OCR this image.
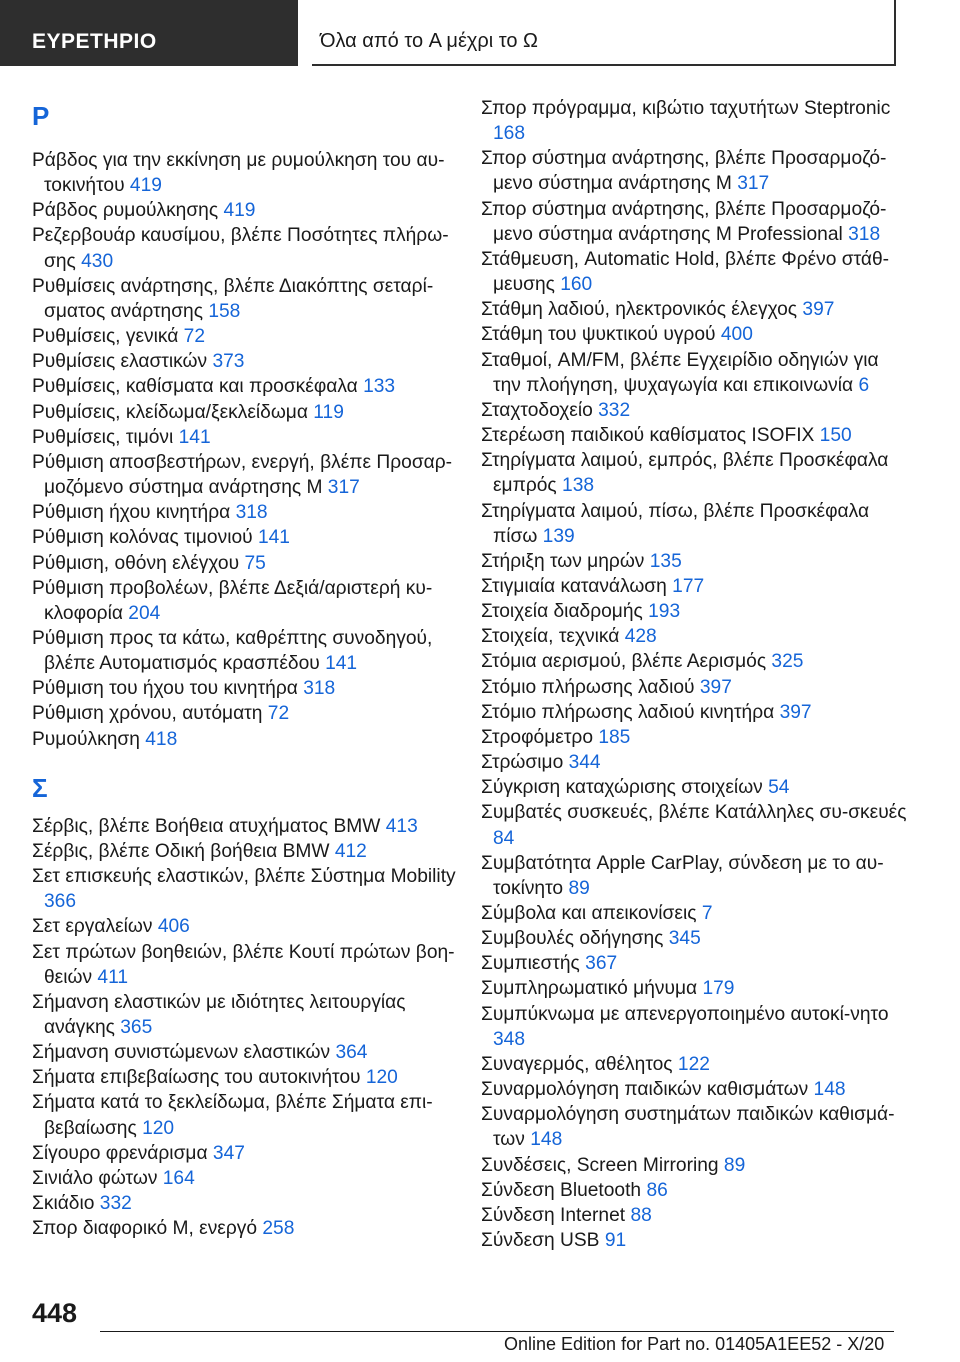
ΕΥΡΕΤΗΡΙΟ	Όλα από το A μέχρι το Ω
Ρ
Ράβδος για την εκκίνηση με ρυμούλκηση του αυ‐τοκινήτου 419
Ράβδος ρυμούλκησης 419
Ρεζερβουάρ καυσίμου, βλέπε Ποσότητες πλήρω‐σης 430
Ρυθμίσεις ανάρτησης, βλέπε Διακόπτης σεταρί‐σματος ανάρτησης 158
Ρυθμίσεις, γενικά 72
Ρυθμίσεις ελαστικών 373
Ρυθμίσεις, καθίσματα και προσκέφαλα 133
Ρυθμίσεις, κλείδωμα/ξεκλείδωμα 119
Ρυθμίσεις, τιμόνι 141
Ρύθμιση αποσβεστήρων, ενεργή, βλέπε Προσαρ‐μοζόμενο σύστημα ανάρτησης M 317
Ρύθμιση ήχου κινητήρα 318
Ρύθμιση κολόνας τιμονιού 141
Ρύθμιση, οθόνη ελέγχου 75
Ρύθμιση προβολέων, βλέπε Δεξιά/αριστερή κυ‐κλοφορία 204
Ρύθμιση προς τα κάτω, καθρέπτης συνοδηγού, βλέπε Αυτοματισμός κρασπέδου 141
Ρύθμιση του ήχου του κινητήρα 318
Ρύθμιση χρόνου, αυτόματη 72
Ρυμούλκηση 418
Σ
Σέρβις, βλέπε Βοήθεια ατυχήματος BMW 413
Σέρβις, βλέπε Οδική βοήθεια BMW 412
Σετ επισκευής ελαστικών, βλέπε Σύστημα Mobility 366
Σετ εργαλείων 406
Σετ πρώτων βοηθειών, βλέπε Κουτί πρώτων βοη‐θειών 411
Σήμανση ελαστικών με ιδιότητες λειτουργίας ανάγκης 365
Σήμανση συνιστώμενων ελαστικών 364
Σήματα επιβεβαίωσης του αυτοκινήτου 120
Σήματα κατά το ξεκλείδωμα, βλέπε Σήματα επι‐βεβαίωσης 120
Σίγουρο φρενάρισμα 347
Σινιάλο φώτων 164
Σκιάδιο 332
Σπορ διαφορικό M, ενεργό 258
Σπορ πρόγραμμα, κιβώτιο ταχυτήτων Steptronic 168
Σπορ σύστημα ανάρτησης, βλέπε Προσαρμοζό‐μενο σύστημα ανάρτησης M 317
Σπορ σύστημα ανάρτησης, βλέπε Προσαρμοζό‐μενο σύστημα ανάρτησης M Professional 318
Στάθμευση, Automatic Hold, βλέπε Φρένο στάθ‐μευσης 160
Στάθμη λαδιού, ηλεκτρονικός έλεγχος 397
Στάθμη του ψυκτικού υγρού 400
Σταθμοί, AM/FM, βλέπε Εγχειρίδιο οδηγιών για την πλοήγηση, ψυχαγωγία και επικοινωνία 6
Σταχτοδοχείο 332
Στερέωση παιδικού καθίσματος ISOFIX 150
Στηρίγματα λαιμού, εμπρός, βλέπε Προσκέφαλα εμπρός 138
Στηρίγματα λαιμού, πίσω, βλέπε Προσκέφαλα πίσω 139
Στήριξη των μηρών 135
Στιγμιαία κατανάλωση 177
Στοιχεία διαδρομής 193
Στοιχεία, τεχνικά 428
Στόμια αερισμού, βλέπε Αερισμός 325
Στόμιο πλήρωσης λαδιού 397
Στόμιο πλήρωσης λαδιού κινητήρα 397
Στροφόμετρο 185
Στρώσιμο 344
Σύγκριση καταχώρισης στοιχείων 54
Συμβατές συσκευές, βλέπε Κατάλληλες συ‐σκευές 84
Συμβατότητα Apple CarPlay, σύνδεση με το αυ‐τοκίνητο 89
Σύμβολα και απεικονίσεις 7
Συμβουλές οδήγησης 345
Συμπιεστής 367
Συμπληρωματικό μήνυμα 179
Συμπύκνωμα με απενεργοποιημένο αυτοκί‐νητο 348
Συναγερμός, αθέλητος 122
Συναρμολόγηση παιδικών καθισμάτων 148
Συναρμολόγηση συστημάτων παιδικών καθισμά‐των 148
Συνδέσεις, Screen Mirroring 89
Σύνδεση Bluetooth 86
Σύνδεση Internet 88
Σύνδεση USB 91
448
Online Edition for Part no. 01405A1EE52 - X/20
